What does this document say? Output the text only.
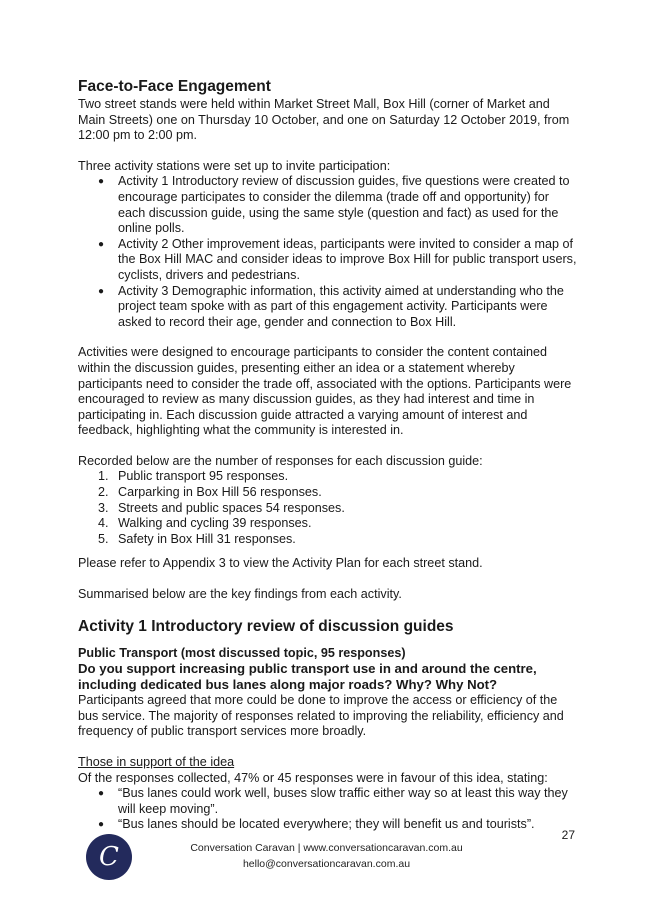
Face-to-Face Engagement

Two street stands were held within Market Street Mall, Box Hill (corner of Market and Main Streets) one on Thursday 10 October, and one on Saturday 12 October 2019, from 12:00 pm to 2:00 pm.

Three activity stations were set up to invite participation:

● Activity 1 Introductory review of discussion guides, five questions were created to encourage participates to consider the dilemma (trade off and opportunity) for each discussion guide, using the same style (question and fact) as used for the online polls.
● Activity 2 Other improvement ideas, participants were invited to consider a map of the Box Hill MAC and consider ideas to improve Box Hill for public transport users, cyclists, drivers and pedestrians.
● Activity 3 Demographic information, this activity aimed at understanding who the project team spoke with as part of this engagement activity. Participants were asked to record their age, gender and connection to Box Hill.

Activities were designed to encourage participants to consider the content contained within the discussion guides, presenting either an idea or a statement whereby participants need to consider the trade off, associated with the options. Participants were encouraged to review as many discussion guides, as they had interest and time in participating in. Each discussion guide attracted a varying amount of interest and feedback, highlighting what the community is interested in.

Recorded below are the number of responses for each discussion guide:

1. Public transport 95 responses.
2. Carparking in Box Hill 56 responses.
3. Streets and public spaces 54 responses.
4. Walking and cycling 39 responses.
5. Safety in Box Hill 31 responses.

Please refer to Appendix 3 to view the Activity Plan for each street stand.

Summarised below are the key findings from each activity.

Activity 1 Introductory review of discussion guides
Public Transport (most discussed topic, 95 responses)

Do you support increasing public transport use in and around the centre, including dedicated bus lanes along major roads? Why? Why Not?

Participants agreed that more could be done to improve the access or efficiency of the bus service. The majority of responses related to improving the reliability, efficiency and frequency of public transport services more broadly.

Those in support of the idea

Of the responses collected, 47% or 45 responses were in favour of this idea, stating:

● “Bus lanes could work well, buses slow traffic either way so at least this way they will keep moving”.
● “Bus lanes should be located everywhere; they will benefit us and tourists”.
27
C	Conversation Caravan | www.conversationcaravan.com.au
hello@conversationcaravan.com.au
